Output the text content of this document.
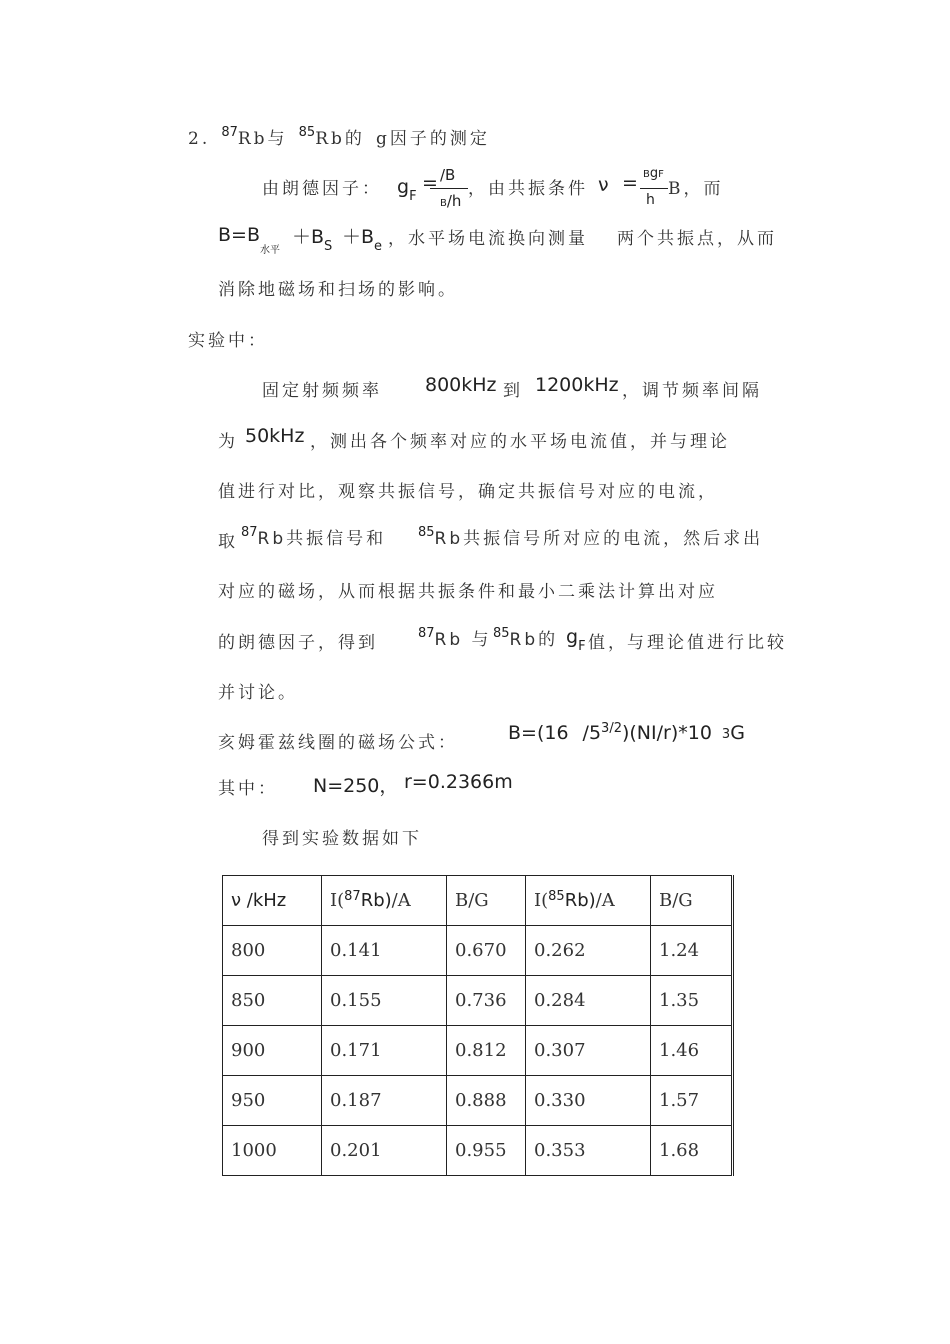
2. $^{87}$Rb与 $^{85}$Rb的 g因子的测定
由朗德因子： $g_F$
= /B
B/h
，由共振条件 ν = BgF
h
B，而
$B=B_{水平}$
$+B_S +B_e$ ，水平场电流换向测量 两个共振点，从而
消除地磁场和扫场的影响。
实验中：
固定射频频率 800kHz 到 1200kHz ，调节频率间隔
为 50kHz ，测出各个频率对应的水平场电流值，并与理论
值进行对比，观察共振信号，确定共振信号对应的电流，
取 $^{87}$Rb共振信号和 $^{85}$Rb共振信号所对应的电流，然后求出
对应的磁场，从而根据共振条件和最小二乘法计算出对应
的朗德因子，得到	$^{87}$Rb 与 $^{85}$Rb的 $g_F$ 值， 与理论值进行比较
并讨论。
亥姆霍兹线圈的磁场公式：	B=(16 $/5^{3/2})(NI/r)*10$ 3G
其中： N=250， r=0.2366m
得到实验数据如下
ν /kHz	I($^{87}$Rb)/A	B/G	I($^{85}$Rb)/A	B/G
800	0.141	0.670	0.262	1.24
850	0.155	0.736	0.284	1.35
900	0.171	0.812	0.307	1.46
950	0.187	0.888	0.330	1.57
1000	0.201	0.955	0.353	1.68
